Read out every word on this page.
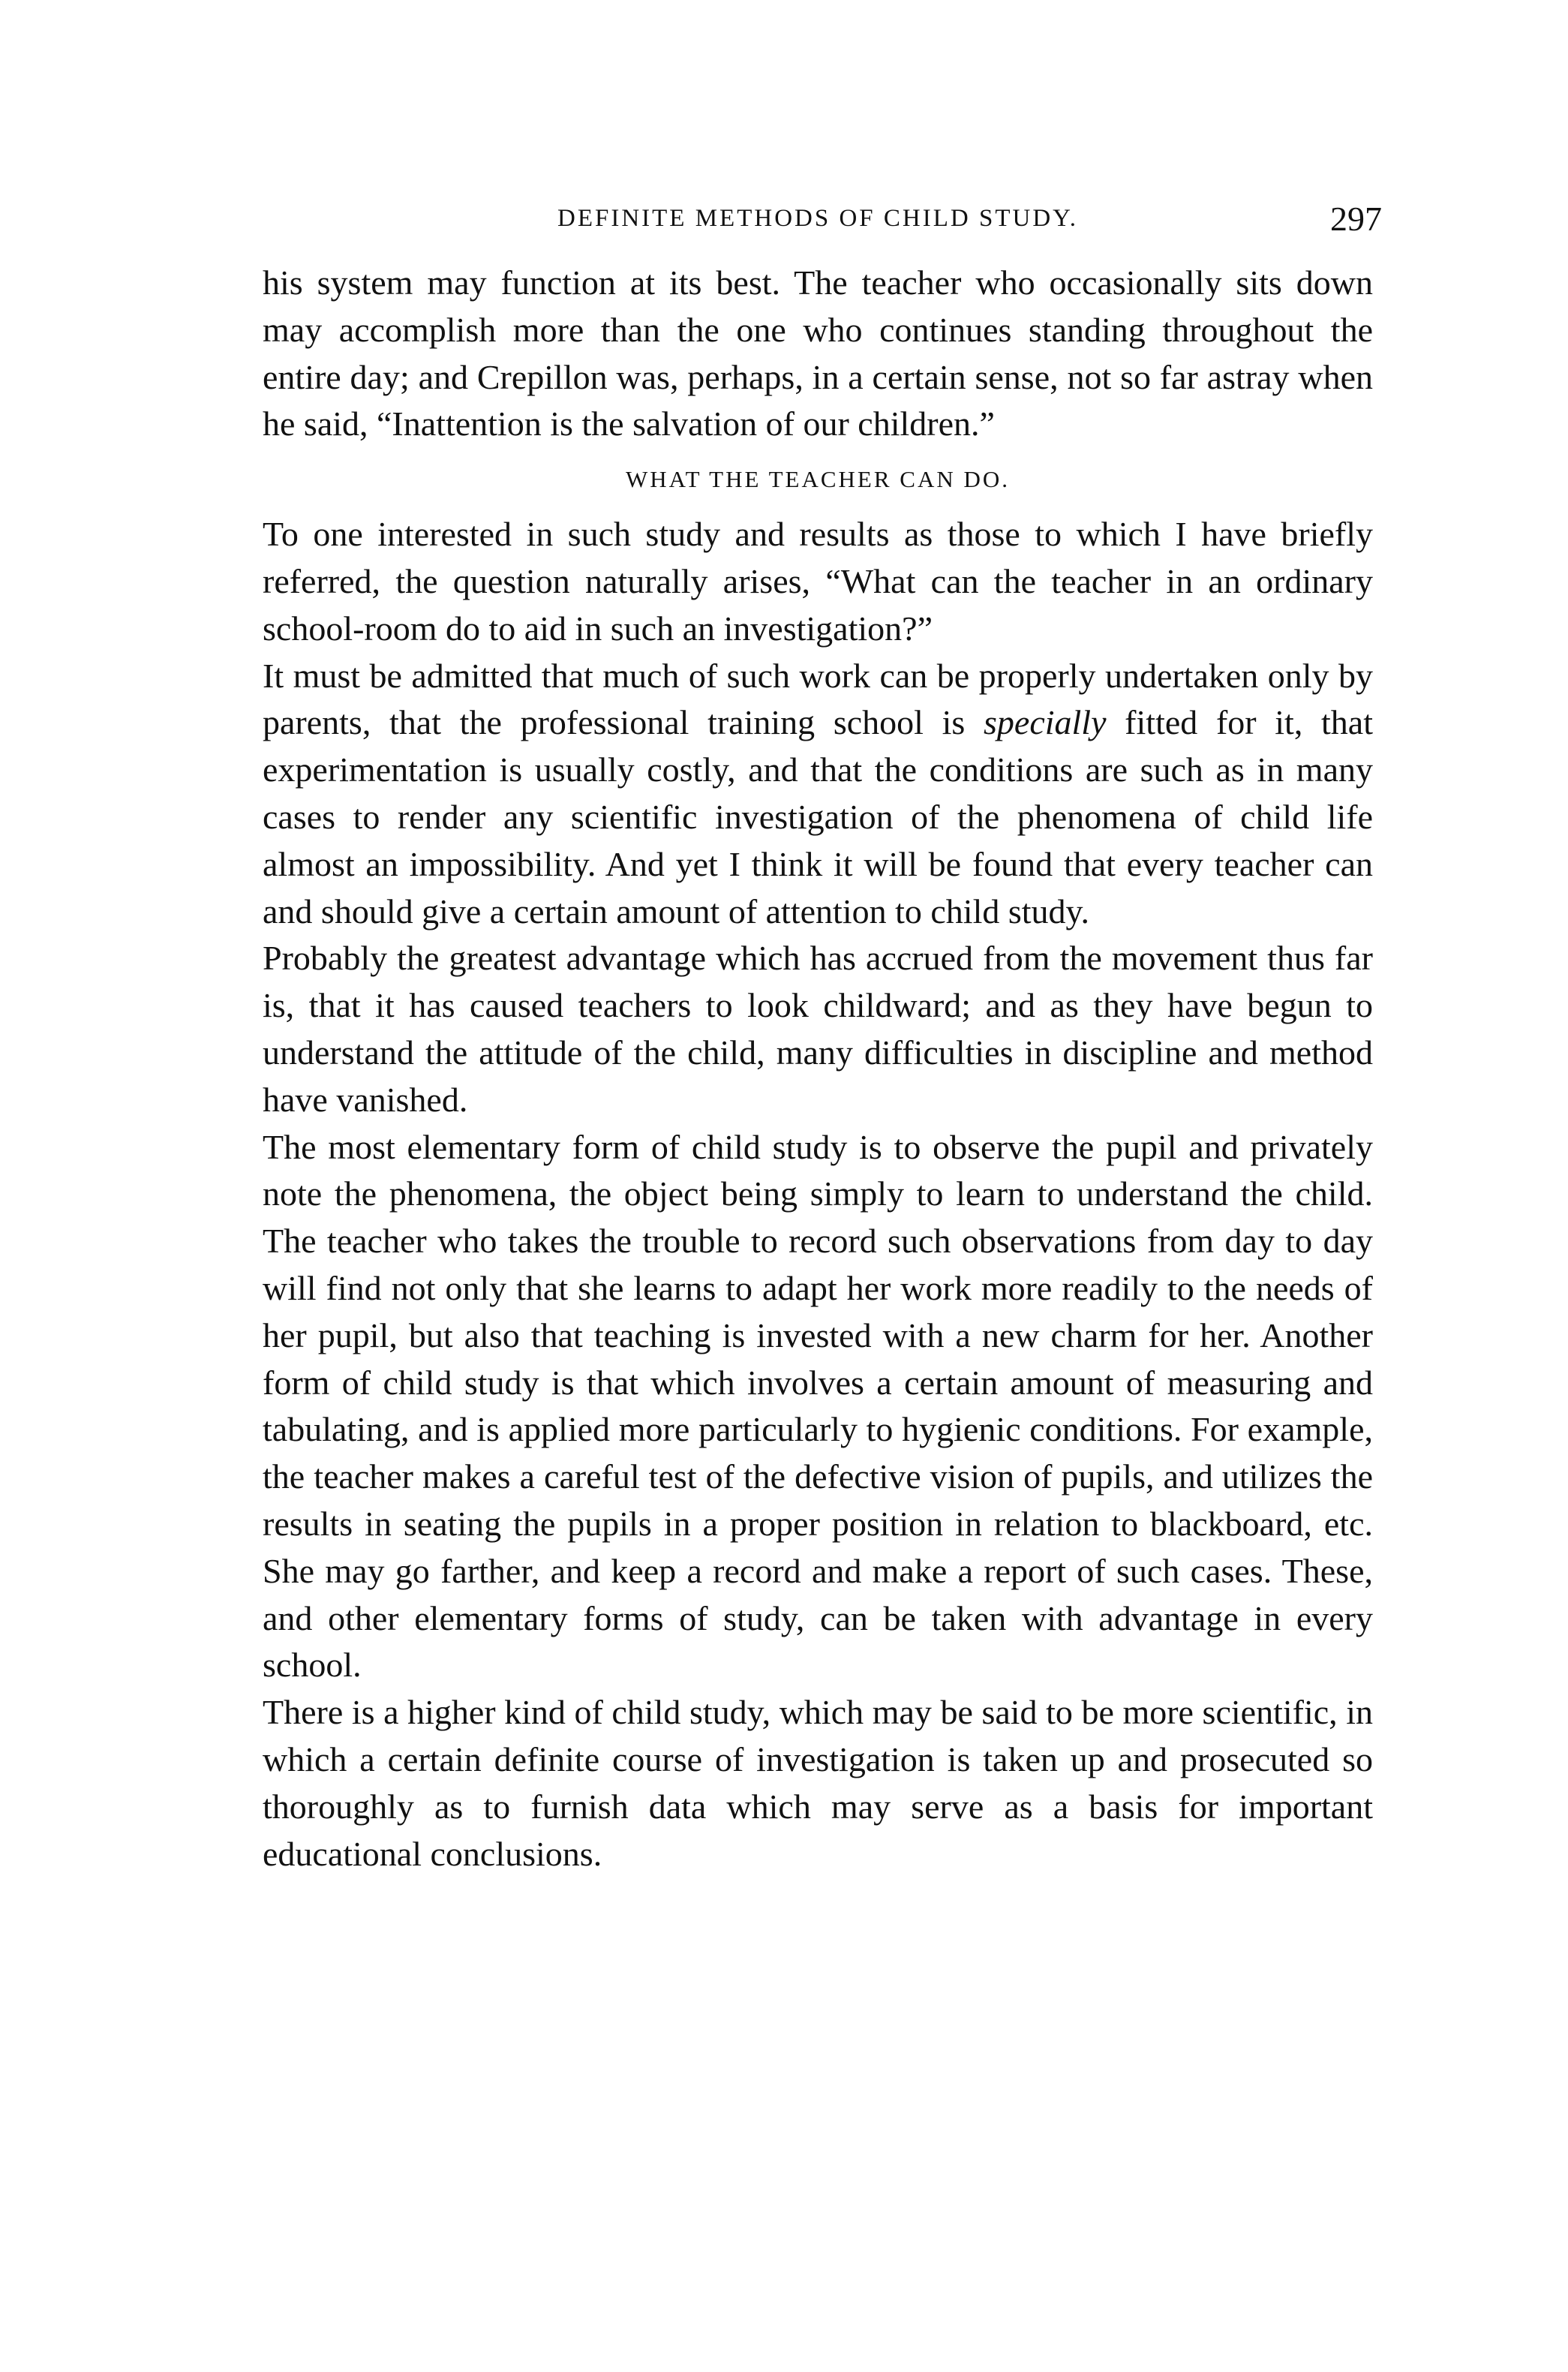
DEFINITE METHODS OF CHILD STUDY.	297

his system may function at its best. The teacher who occasionally sits down may accomplish more than the one who continues standing throughout the entire day; and Crepillon was, perhaps, in a certain sense, not so far astray when he said, “Inattention is the salvation of our children.”

WHAT THE TEACHER CAN DO.

To one interested in such study and results as those to which I have briefly referred, the question naturally arises, “What can the teacher in an ordinary school-room do to aid in such an investigation?”

It must be admitted that much of such work can be properly undertaken only by parents, that the professional training school is specially fitted for it, that experimentation is usually costly, and that the conditions are such as in many cases to render any scientific investigation of the phenomena of child life almost an impossibility. And yet I think it will be found that every teacher can and should give a certain amount of attention to child study.

Probably the greatest advantage which has accrued from the movement thus far is, that it has caused teachers to look childward; and as they have begun to understand the attitude of the child, many difficulties in discipline and method have vanished.

The most elementary form of child study is to observe the pupil and privately note the phenomena, the object being simply to learn to understand the child. The teacher who takes the trouble to record such observations from day to day will find not only that she learns to adapt her work more readily to the needs of her pupil, but also that teaching is invested with a new charm for her. Another form of child study is that which involves a certain amount of measuring and tabulating, and is applied more particularly to hygienic conditions. For example, the teacher makes a careful test of the defective vision of pupils, and utilizes the results in seating the pupils in a proper position in relation to blackboard, etc. She may go farther, and keep a record and make a report of such cases. These, and other elementary forms of study, can be taken with advantage in every school.

There is a higher kind of child study, which may be said to be more scientific, in which a certain definite course of investigation is taken up and prosecuted so thoroughly as to furnish data which may serve as a basis for important educational conclusions.
